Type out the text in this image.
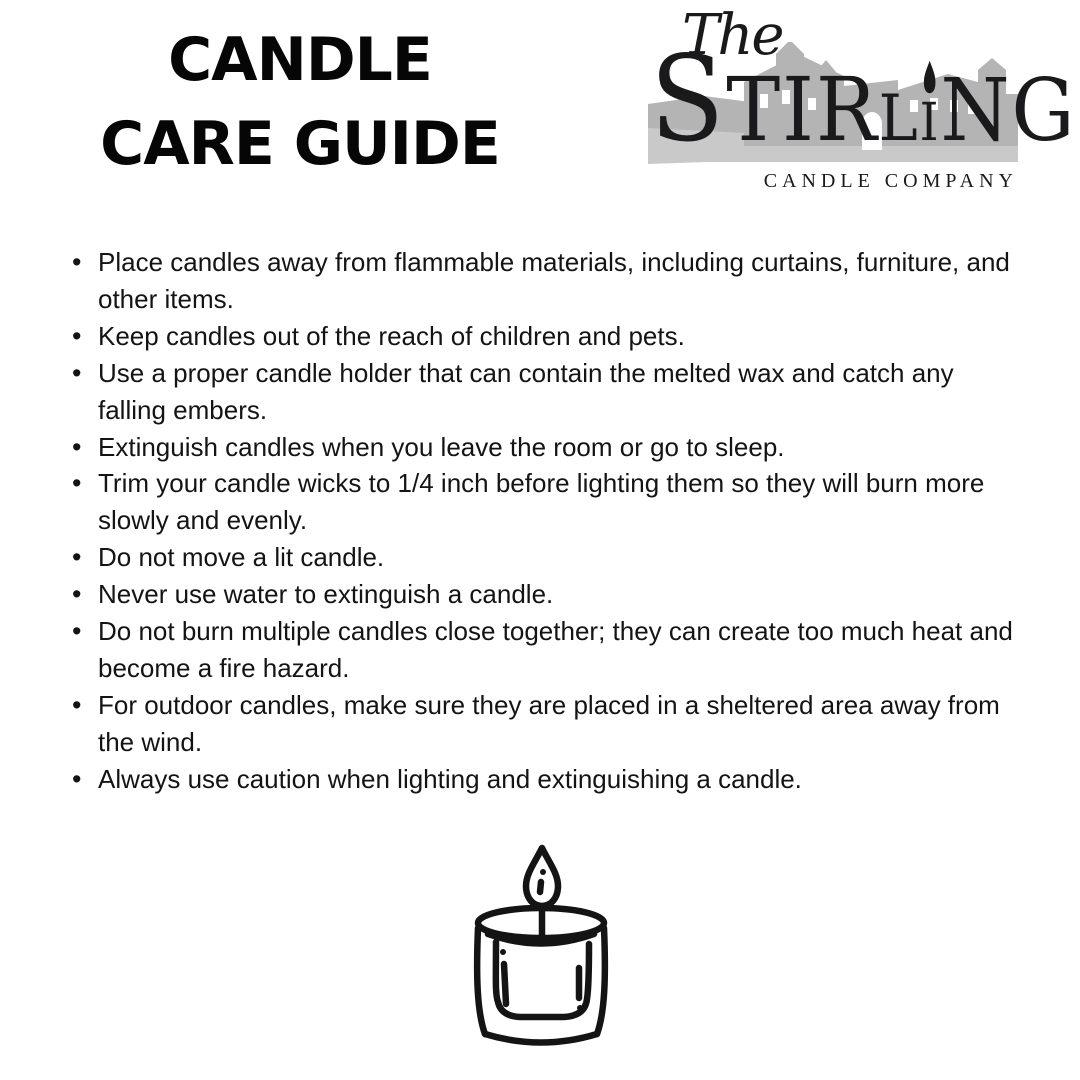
CANDLE
CARE GUIDE
The
S TIR L I NG
CANDLE COMPANY
• Place candles away from flammable materials, including curtains, furniture, and other items.
• Keep candles out of the reach of children and pets.
• Use a proper candle holder that can contain the melted wax and catch any falling embers.
• Extinguish candles when you leave the room or go to sleep.
• Trim your candle wicks to 1/4 inch before lighting them so they will burn more slowly and evenly.
• Do not move a lit candle.
• Never use water to extinguish a candle.
• Do not burn multiple candles close together; they can create too much heat and become a fire hazard.
• For outdoor candles, make sure they are placed in a sheltered area away from the wind.
• Always use caution when lighting and extinguishing a candle.
